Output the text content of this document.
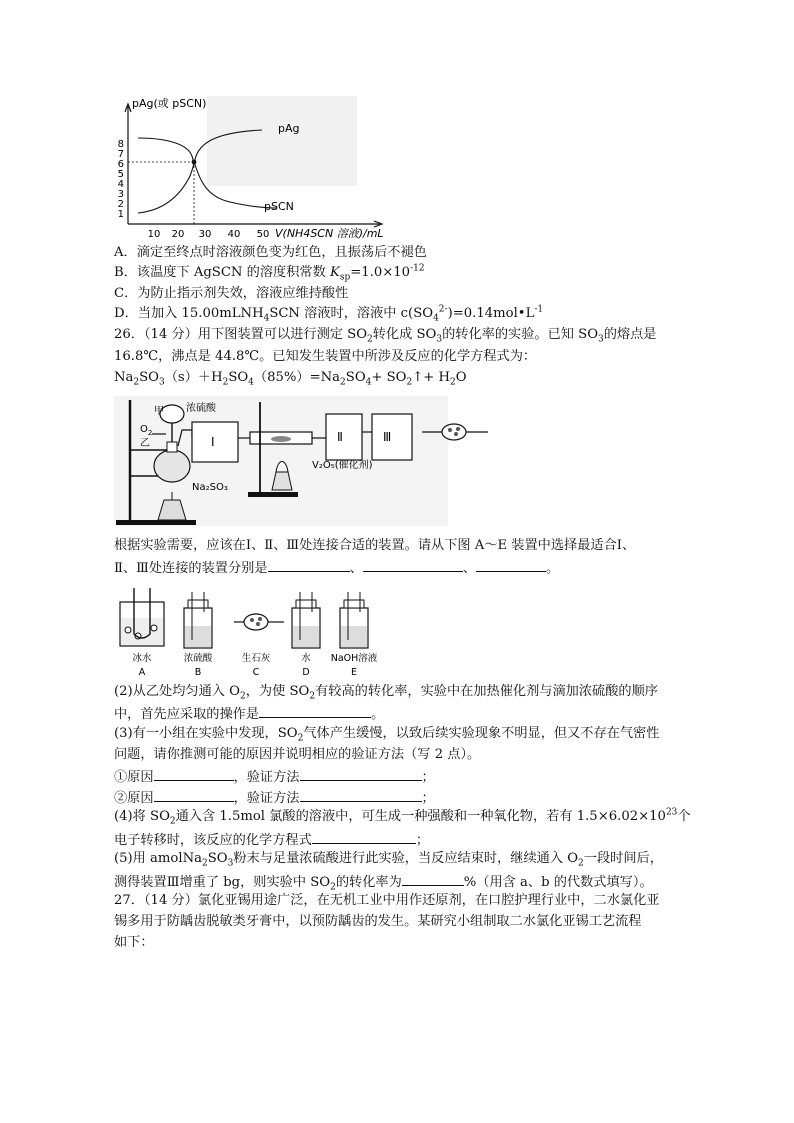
pAg(或 pSCN)
8
7
6
5
4
3
2
1
10 20 30 40 50 V(NH4SCN 溶液)/mL
pAg
pSCN
A．滴定至终点时溶液颜色变为红色，且振荡后不褪色
B．该温度下 AgSCN 的溶度积常数 $K_{sp}=1.0\times 10^{-12}$
C．为防止指示剂失效，溶液应维持酸性
D．当加入 15.00mLNH$_4$SCN 溶液时，溶液中 $c(SO_4^{2-})=0.14mol•L^{-1}$
26．（14 分）用下图装置可以进行测定 $SO_2$转化成 $SO_3$的转化率的实验。已知 $SO_3$的熔点是
16.8℃，沸点是 44.8℃。已知发生装置中所涉及反应的化学方程式为：
$Na_2SO_3(s)+H_2SO_4(85\%)=Na_2SO_4+$ $SO_2↑+ H_2O$
甲 浓硫酸
$O_2$
乙
Na₂SO₃
Ⅰ
V₂O₅(催化剂)
Ⅱ	Ⅲ
根据实验需要，应该在Ⅰ、Ⅱ、Ⅲ处连接合适的装置。请从下图 A～E 装置中选择最适合Ⅰ、
Ⅱ、Ⅲ处连接的装置分别是	、	、	。
冰水	浓硫酸	生石灰	水 NaOH溶液
A	B	C	D	E
(2)从乙处均匀通入 $O_2$，为使 $SO_2$有较高的转化率，实验中在加热催化剂与滴加浓硫酸的顺序
中，首先应采取的操作是	。
(3)有一小组在实验中发现，$SO_2$气体产生缓慢，以致后续实验现象不明显，但又不存在气密性
问题，请你推测可能的原因并说明相应的验证方法（写 2 点）。
①原因	，验证方法	；
②原因	，验证方法	；
(4)将 $SO_2$通入含 1.5mol 氯酸的溶液中，可生成一种强酸和一种氧化物，若有 $1.5\times 6.02\times 10^{23}$个
电子转移时，该反应的化学方程式	；
(5)用 $amolNa_2SO_3$粉末与足量浓硫酸进行此实验，当反应结束时，继续通入 $O_2$一段时间后，
测得装置Ⅲ增重了 bg，则实验中 $SO_2$的转化率为	%（用含 a、b 的代数式填写）。
27．（14 分）氯化亚锡用途广泛，在无机工业中用作还原剂，在口腔护理行业中，二水氯化亚
锡多用于防龋齿脱敏类牙膏中，以预防龋齿的发生。某研究小组制取二水氯化亚锡工艺流程
如下：
